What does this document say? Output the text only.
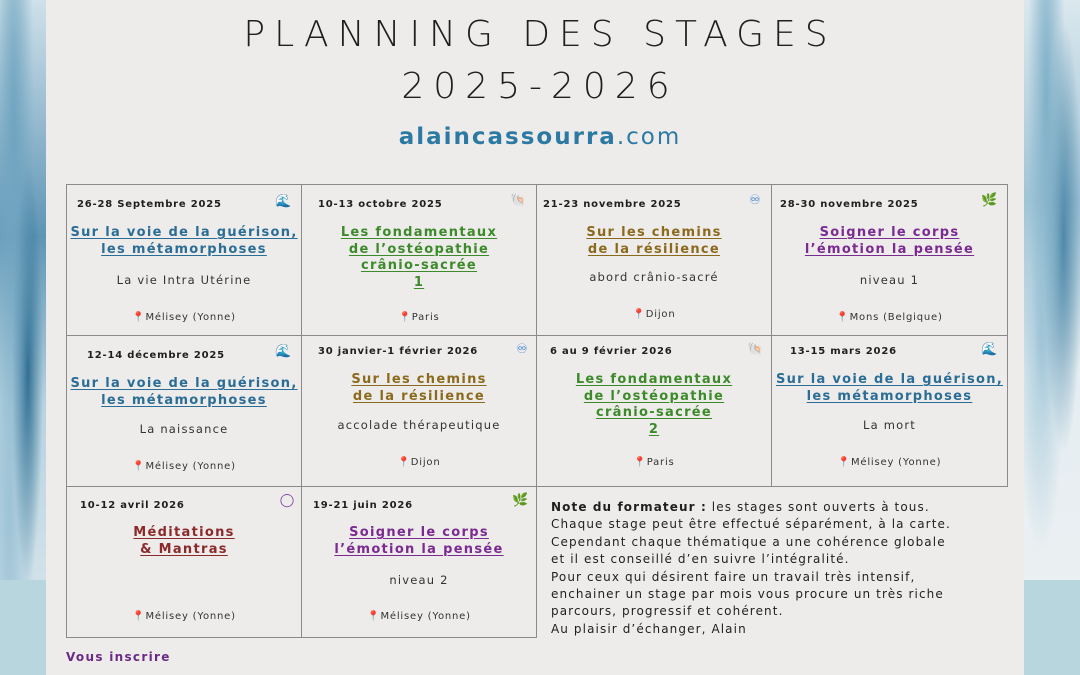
PLANNING DES STAGES
2025-2026
alaincassourra.com
26-28 Septembre 2025	🌊
Sur la voie de la guérison,
les métamorphoses
La vie Intra Utérine
📍Mélisey (Yonne)
10-13 octobre 2025	🐚
Les fondamentaux
de l’ostéopathie
crânio-sacrée
1
📍Paris
21-23 novembre 2025	♾
Sur les chemins
de la résilience
abord crânio-sacré
📍Dijon
28-30 novembre 2025	🌿
Soigner le corps
l’émotion la pensée
niveau 1
📍Mons (Belgique)
12-14 décembre 2025	🌊
Sur la voie de la guérison,
les métamorphoses
La naissance
📍Mélisey (Yonne)
30 janvier-1 février 2026	♾
Sur les chemins
de la résilience
accolade thérapeutique
📍Dijon
6 au 9 février 2026	🐚
Les fondamentaux
de l’ostéopathie
crânio-sacrée
2
📍Paris
13-15 mars 2026	🌊
Sur la voie de la guérison,
les métamorphoses
La mort
📍Mélisey (Yonne)
10-12 avril 2026	◯
Méditations
& Mantras
📍Mélisey (Yonne)
19-21 juin 2026	🌿
Soigner le corps
l’émotion la pensée
niveau 2
📍Mélisey (Yonne)
Note du formateur : les stages sont ouverts à tous.
Chaque stage peut être effectué séparément, à la carte.
Cependant chaque thématique a une cohérence globale
et il est conseillé d’en suivre l’intégralité.
Pour ceux qui désirent faire un travail très intensif,
enchainer un stage par mois vous procure un très riche
parcours, progressif et cohérent.
Au plaisir d’échanger, Alain
Vous inscrire
